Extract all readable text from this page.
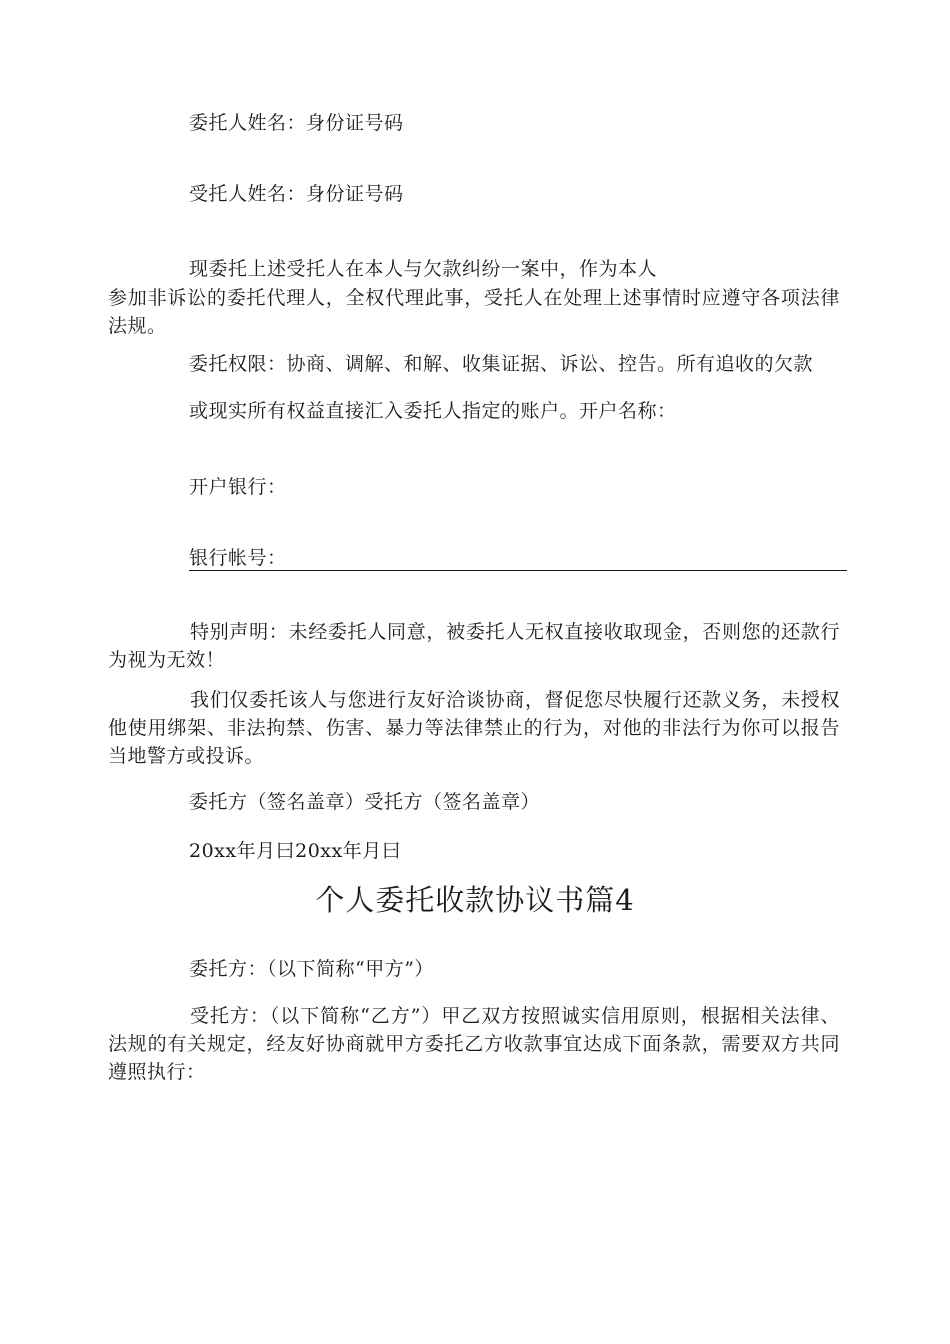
委托人姓名：身份证号码
受托人姓名：身份证号码
现委托上述受托人在本人与欠款纠纷一案中，作为本人
参加非诉讼的委托代理人，全权代理此事，受托人在处理上述事情时应遵守各项法律法规。
委托权限：协商、调解、和解、收集证据、诉讼、控告。所有追收的欠款
或现实所有权益直接汇入委托人指定的账户。开户名称：
开户银行：
银行帐号：
特别声明：未经委托人同意，被委托人无权直接收取现金，否则您的还款行为视为无效！
我们仅委托该人与您进行友好洽谈协商，督促您尽快履行还款义务，未授权他使用绑架、非法拘禁、伤害、暴力等法律禁止的行为，对他的非法行为你可以报告当地警方或投诉。
委托方（签名盖章）受托方（签名盖章）
20xx年月曰20xx年月曰
个人委托收款协议书篇4
委托方：（以下简称“甲方”）
受托方：（以下简称“乙方”）甲乙双方按照诚实信用原则，根据相关法律、法规的有关规定，经友好协商就甲方委托乙方收款事宜达成下面条款，需要双方共同遵照执行：
